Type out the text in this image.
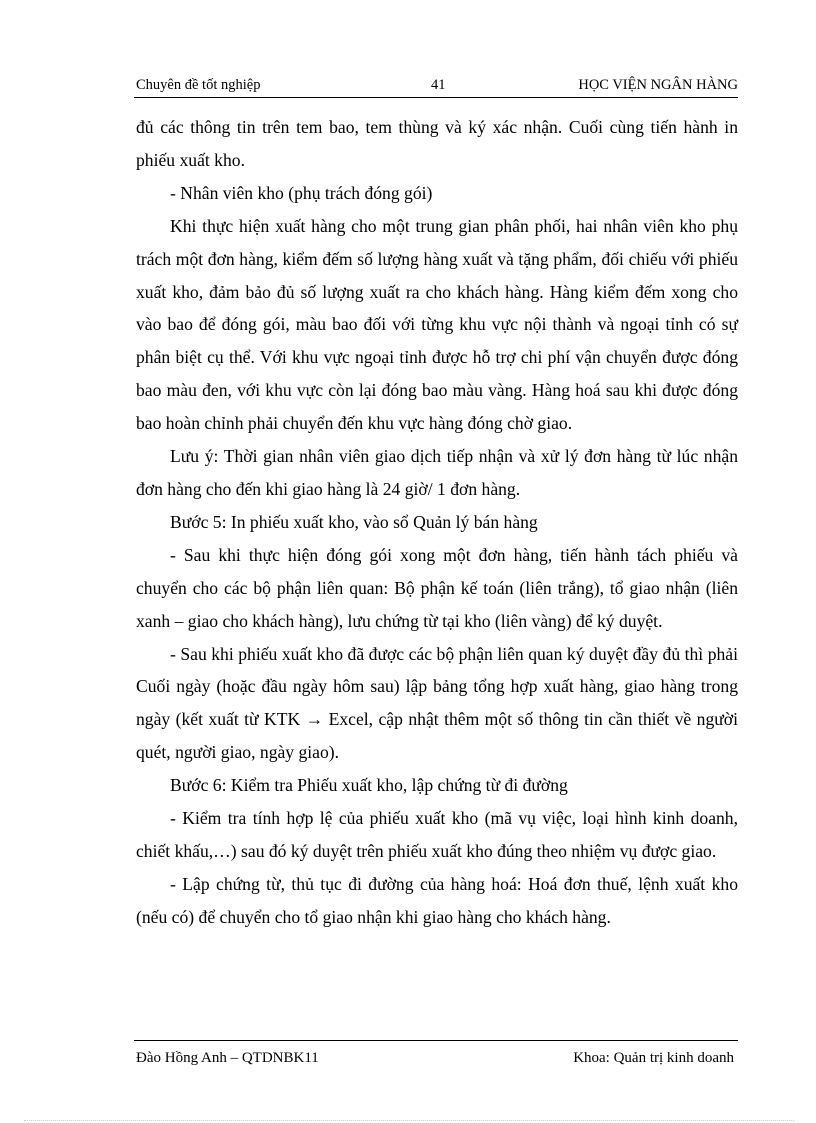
Chuyên đề tốt nghiệp	41	HỌC VIỆN NGÂN HÀNG

đủ các thông tin trên tem bao, tem thùng và ký xác nhận. Cuối cùng tiến hành in phiếu xuất kho.

- Nhân viên kho (phụ trách đóng gói)

Khi thực hiện xuất hàng cho một trung gian phân phối, hai nhân viên kho phụ trách một đơn hàng, kiểm đếm số lượng hàng xuất và tặng phẩm, đối chiếu với phiếu xuất kho, đảm bảo đủ số lượng xuất ra cho khách hàng. Hàng kiểm đếm xong cho vào bao để đóng gói, màu bao đối với từng khu vực nội thành và ngoại tỉnh có sự phân biệt cụ thể. Với khu vực ngoại tỉnh được hỗ trợ chi phí vận chuyển được đóng bao màu đen, với khu vực còn lại đóng bao màu vàng. Hàng hoá sau khi được đóng bao hoàn chỉnh phải chuyển đến khu vực hàng đóng chờ giao.

Lưu ý: Thời gian nhân viên giao dịch tiếp nhận và xử lý đơn hàng từ lúc nhận đơn hàng cho đến khi giao hàng là 24 giờ/ 1 đơn hàng.

Bước 5: In phiếu xuất kho, vào sổ Quản lý bán hàng

- Sau khi thực hiện đóng gói xong một đơn hàng, tiến hành tách phiếu và chuyển cho các bộ phận liên quan: Bộ phận kế toán (liên trắng), tổ giao nhận (liên xanh – giao cho khách hàng), lưu chứng từ tại kho (liên vàng) để ký duyệt.

- Sau khi phiếu xuất kho đã được các bộ phận liên quan ký duyệt đầy đủ thì phải Cuối ngày (hoặc đầu ngày hôm sau) lập bảng tổng hợp xuất hàng, giao hàng trong ngày (kết xuất từ KTK → Excel, cập nhật thêm một số thông tin cần thiết về người quét, người giao, ngày giao).

Bước 6: Kiểm tra Phiếu xuất kho, lập chứng từ đi đường

- Kiểm tra tính hợp lệ của phiếu xuất kho (mã vụ việc, loại hình kinh doanh, chiết khấu,…) sau đó ký duyệt trên phiếu xuất kho đúng theo nhiệm vụ được giao.

- Lập chứng từ, thủ tục đi đường của hàng hoá: Hoá đơn thuế, lệnh xuất kho (nếu có) để chuyển cho tổ giao nhận khi giao hàng cho khách hàng.

Đào Hồng Anh – QTDNBK11	Khoa: Quản trị kinh doanh
